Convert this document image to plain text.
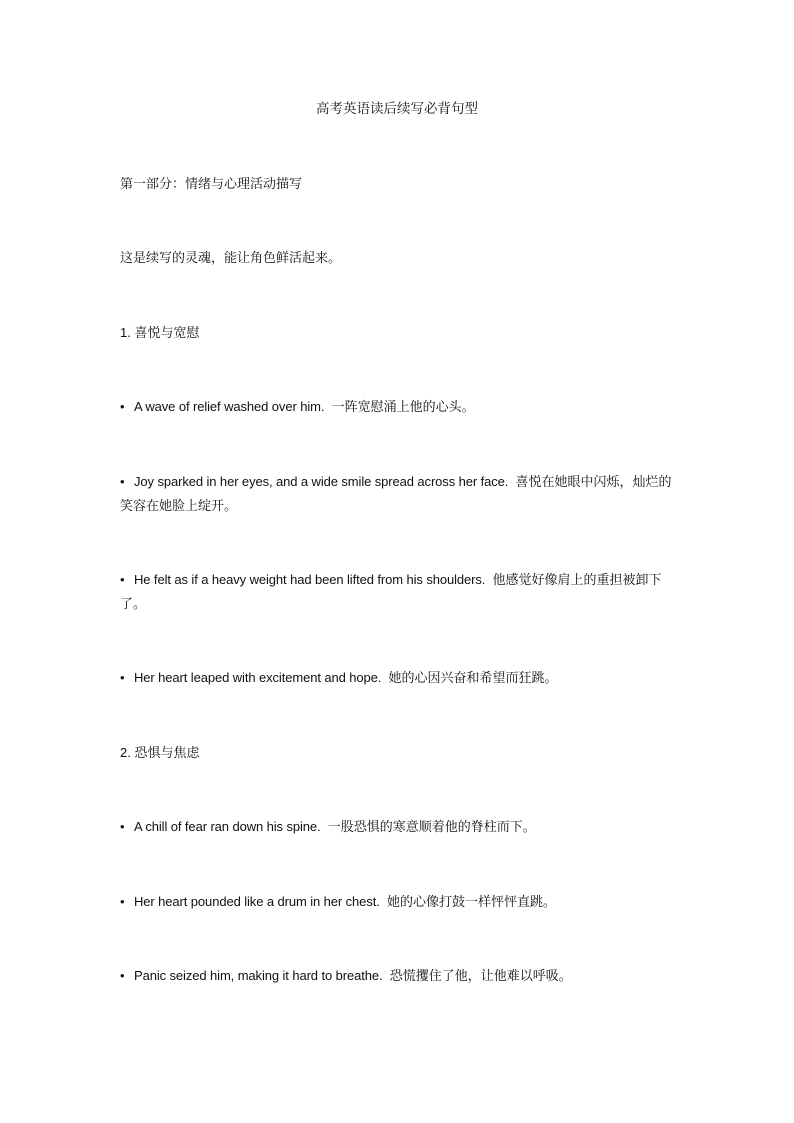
高考英语读后续写必背句型
第一部分：情绪与心理活动描写
这是续写的灵魂，能让角色鲜活起来。
1. 喜悦与宽慰
• A wave of relief washed over him. 一阵宽慰涌上他的心头。
• Joy sparked in her eyes, and a wide smile spread across her face. 喜悦在她眼中闪烁，灿烂的笑容在她脸上绽开。
• He felt as if a heavy weight had been lifted from his shoulders. 他感觉好像肩上的重担被卸下了。
• Her heart leaped with excitement and hope. 她的心因兴奋和希望而狂跳。
2. 恐惧与焦虑
• A chill of fear ran down his spine. 一股恐惧的寒意顺着他的脊柱而下。
• Her heart pounded like a drum in her chest. 她的心像打鼓一样怦怦直跳。
• Panic seized him, making it hard to breathe. 恐慌攫住了他，让他难以呼吸。
